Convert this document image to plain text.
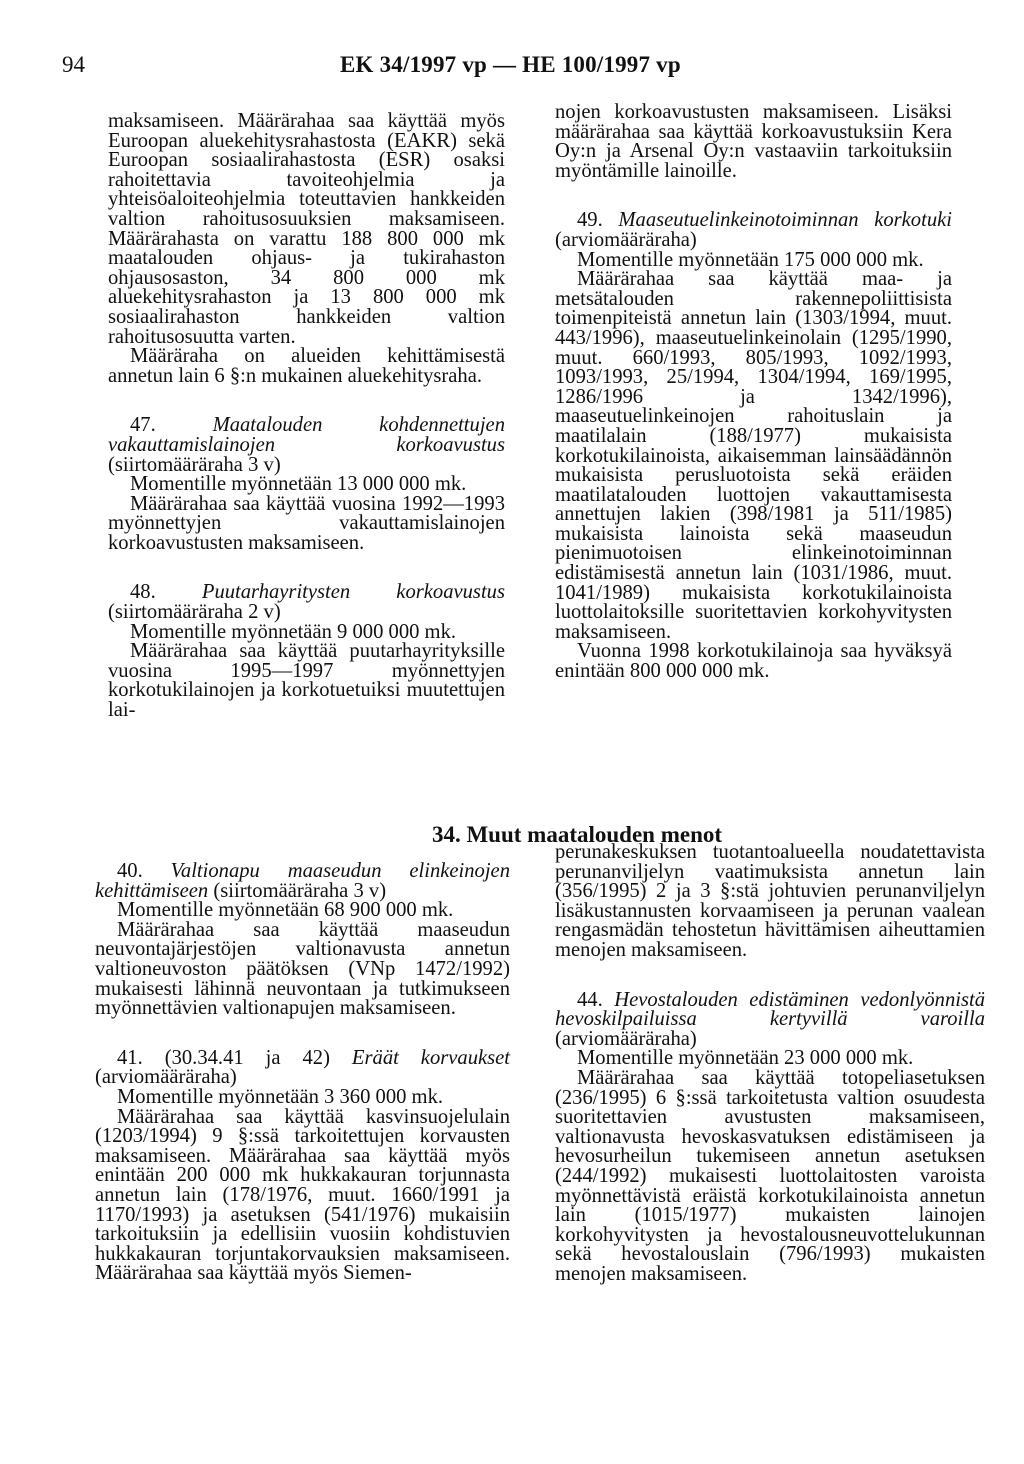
94	EK 34/1997 vp — HE 100/1997 vp

maksamiseen. Määrärahaa saa käyttää myös Euroopan aluekehitysrahastosta (EAKR) sekä Euroopan sosiaalirahastosta (ESR) osaksi rahoitettavia tavoiteohjelmia ja yhteisöaloiteohjelmia toteuttavien hankkeiden valtion rahoitusosuuksien maksamiseen. Määrärahasta on varattu 188 800 000 mk maatalouden ohjaus- ja tukirahaston ohjausosaston, 34 800 000 mk aluekehitysrahaston ja 13 800 000 mk sosiaalirahaston hankkeiden valtion rahoitusosuutta varten.

Määräraha on alueiden kehittämisestä annetun lain 6 §:n mukainen aluekehitysraha.

47.	Maatalouden kohdennettujen vakauttamislainojen korkoavustus (siirtomääräraha 3 v)

Momentille myönnetään 13 000 000 mk.

Määrärahaa saa käyttää vuosina 1992—1993 myönnettyjen vakauttamislainojen korkoavustusten maksamiseen.

48. Puutarhayritysten korkoavustus (siirtomääräraha 2 v)

Momentille myönnetään 9 000 000 mk.

Määrärahaa saa käyttää puutarhayrityksille vuosina 1995—1997 myönnettyjen korkotukilainojen ja korkotuetuiksi muutettujen lai-

nojen korkoavustusten maksamiseen. Lisäksi määrärahaa saa käyttää korkoavustuksiin Kera Oy:n ja Arsenal Oy:n vastaaviin tarkoituksiin myöntämille lainoille.

49. Maaseutuelinkeinotoiminnan korkotuki (arviomääräraha)

Momentille myönnetään 175 000 000 mk.

Määrärahaa saa käyttää maa- ja metsätalouden rakennepoliittisista toimenpiteistä annetun lain (1303/1994, muut. 443/1996), maaseutuelinkeinolain (1295/1990, muut. 660/1993, 805/1993, 1092/1993, 1093/1993, 25/1994, 1304/1994, 169/1995, 1286/1996 ja 1342/1996), maaseutuelinkeinojen rahoituslain ja maatilalain (188/1977) mukaisista korkotukilainoista, aikaisemman lainsäädännön mukaisista perusluotoista sekä eräiden maatilatalouden luottojen vakauttamisesta annettujen lakien (398/1981 ja 511/1985) mukaisista lainoista sekä maaseudun pienimuotoisen elinkeinotoiminnan edistämisestä annetun lain (1031/1986, muut. 1041/1989) mukaisista korkotukilainoista luottolaitoksille suoritettavien korkohyvitysten maksamiseen.

Vuonna 1998 korkotukilainoja saa hyväksyä enintään 800 000 000 mk.

34. Muut maatalouden menot

40. Valtionapu maaseudun elinkeinojen kehittämiseen (siirtomääräraha 3 v)

Momentille myönnetään 68 900 000 mk.

Määrärahaa saa käyttää maaseudun neuvontajärjestöjen valtionavusta annetun valtioneuvoston päätöksen (VNp 1472/1992) mukaisesti lähinnä neuvontaan ja tutkimukseen myönnettävien valtionapujen maksamiseen.

41. (30.34.41 ja 42) Eräät korvaukset (arviomääräraha)

Momentille myönnetään 3 360 000 mk.

Määrärahaa saa käyttää kasvinsuojelulain (1203/1994) 9 §:ssä tarkoitettujen korvausten maksamiseen. Määrärahaa saa käyttää myös enintään 200 000 mk hukkakauran torjunnasta annetun lain (178/1976, muut. 1660/1991 ja 1170/1993) ja asetuksen (541/1976) mukaisiin tarkoituksiin ja edellisiin vuosiin kohdistuvien hukkakauran torjuntakorvauksien maksamiseen. Määrärahaa saa käyttää myös Siemen-

perunakeskuksen tuotantoalueella noudatettavista perunanviljelyn vaatimuksista annetun lain (356/1995) 2 ja 3 §:stä johtuvien perunanviljelyn lisäkustannusten korvaamiseen ja perunan vaalean rengasmädän tehostetun hävittämisen aiheuttamien menojen maksamiseen.

44. Hevostalouden edistäminen vedonlyönnistä hevoskilpailuissa kertyvillä varoilla (arviomääräraha)

Momentille myönnetään 23 000 000 mk.

Määrärahaa saa käyttää totopeliasetuksen (236/1995) 6 §:ssä tarkoitetusta valtion osuudesta suoritettavien avustusten maksamiseen, valtionavusta hevoskasvatuksen edistämiseen ja hevosurheilun tukemiseen annetun asetuksen (244/1992) mukaisesti luottolaitosten varoista myönnettävistä eräistä korkotukilainoista annetun lain (1015/1977) mukaisten lainojen korkohyvitysten ja hevostalousneuvottelukunnan sekä hevostalouslain (796/1993) mukaisten menojen maksamiseen.
